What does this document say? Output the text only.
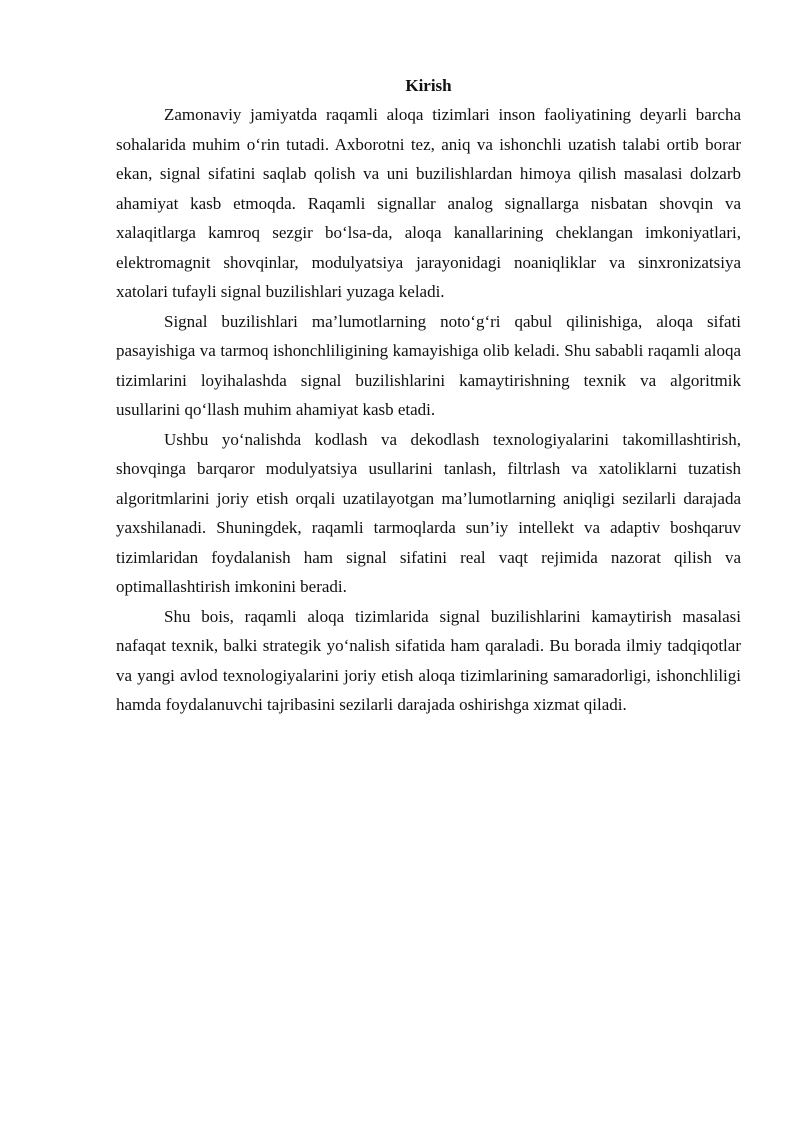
Kirish

Zamonaviy jamiyatda raqamli aloqa tizimlari inson faoliyatining deyarli barcha sohalarida muhim o‘rin tutadi. Axborotni tez, aniq va ishonchli uzatish talabi ortib borar ekan, signal sifatini saqlab qolish va uni buzilishlardan himoya qilish masalasi dolzarb ahamiyat kasb etmoqda. Raqamli signallar analog signallarga nisbatan shovqin va xalaqitlarga kamroq sezgir bo‘lsa-da, aloqa kanallarining cheklangan imkoniyatlari, elektromagnit shovqinlar, modulyatsiya jarayonidagi noaniqliklar va sinxronizatsiya xatolari tufayli signal buzilishlari yuzaga keladi.

Signal buzilishlari ma’lumotlarning noto‘g‘ri qabul qilinishiga, aloqa sifati pasayishiga va tarmoq ishonchliligining kamayishiga olib keladi. Shu sababli raqamli aloqa tizimlarini loyihalashda signal buzilishlarini kamaytirishning texnik va algoritmik usullarini qo‘llash muhim ahamiyat kasb etadi.

Ushbu yo‘nalishda kodlash va dekodlash texnologiyalarini takomillashtirish, shovqinga barqaror modulyatsiya usullarini tanlash, filtrlash va xatoliklarni tuzatish algoritmlarini joriy etish orqali uzatilayotgan ma’lumotlarning aniqligi sezilarli darajada yaxshilanadi. Shuningdek, raqamli tarmoqlarda sun’iy intellekt va adaptiv boshqaruv tizimlaridan foydalanish ham signal sifatini real vaqt rejimida nazorat qilish va optimallashtirish imkonini beradi.

Shu bois, raqamli aloqa tizimlarida signal buzilishlarini kamaytirish masalasi nafaqat texnik, balki strategik yo‘nalish sifatida ham qaraladi. Bu borada ilmiy tadqiqotlar va yangi avlod texnologiyalarini joriy etish aloqa tizimlarining samaradorligi, ishonchliligi hamda foydalanuvchi tajribasini sezilarli darajada oshirishga xizmat qiladi.
